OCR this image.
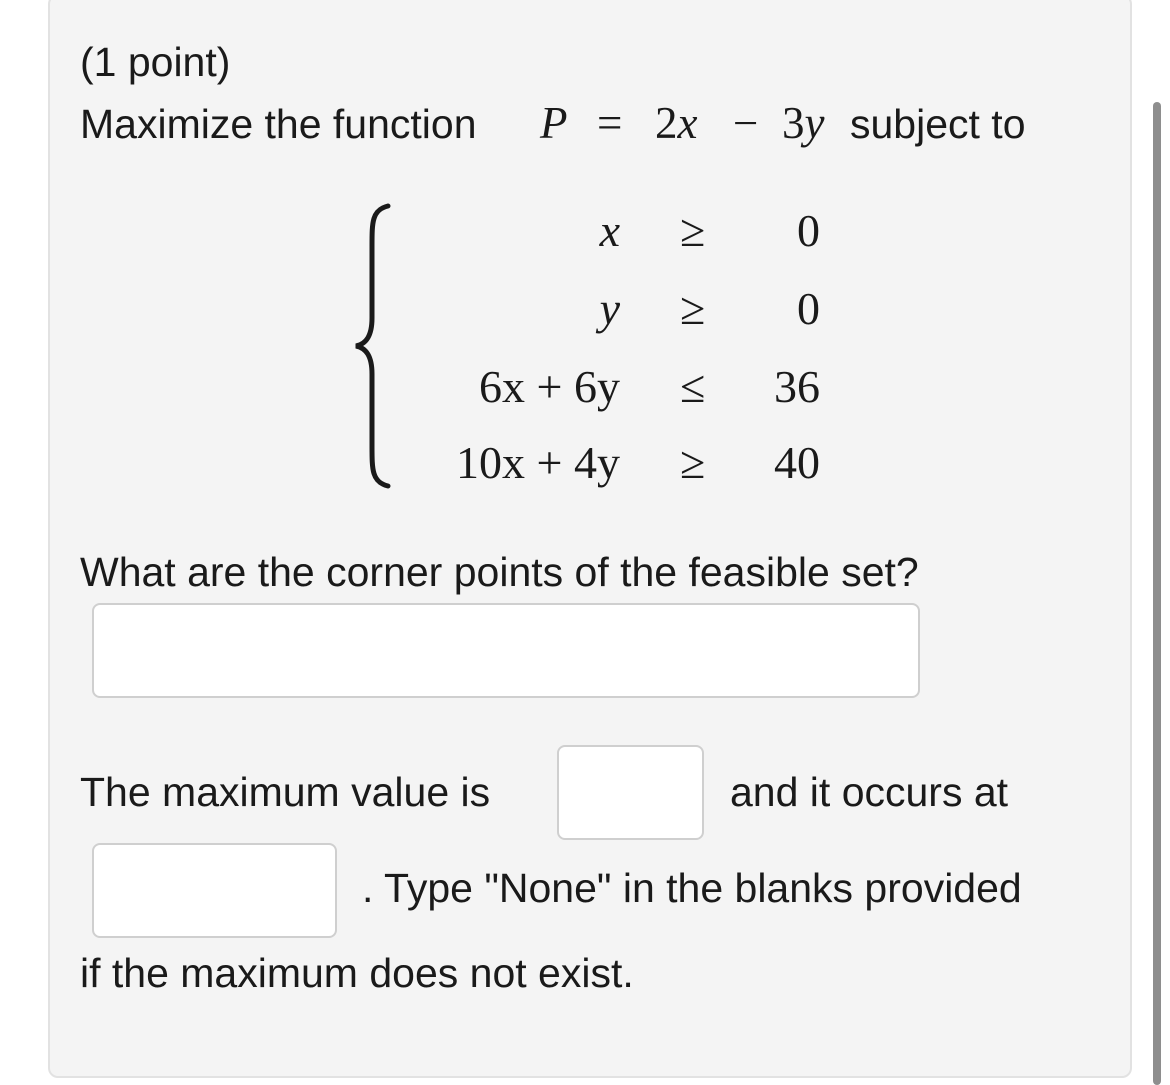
(1 point)
Maximize the function P = 2x − 3y subject to
x ≥ 0
y ≥ 0
6x + 6y ≤ 36
10x + 4y ≥ 40
What are the corner points of the feasible set?
The maximum value is	and it occurs at
. Type "None" in the blanks provided
if the maximum does not exist.
